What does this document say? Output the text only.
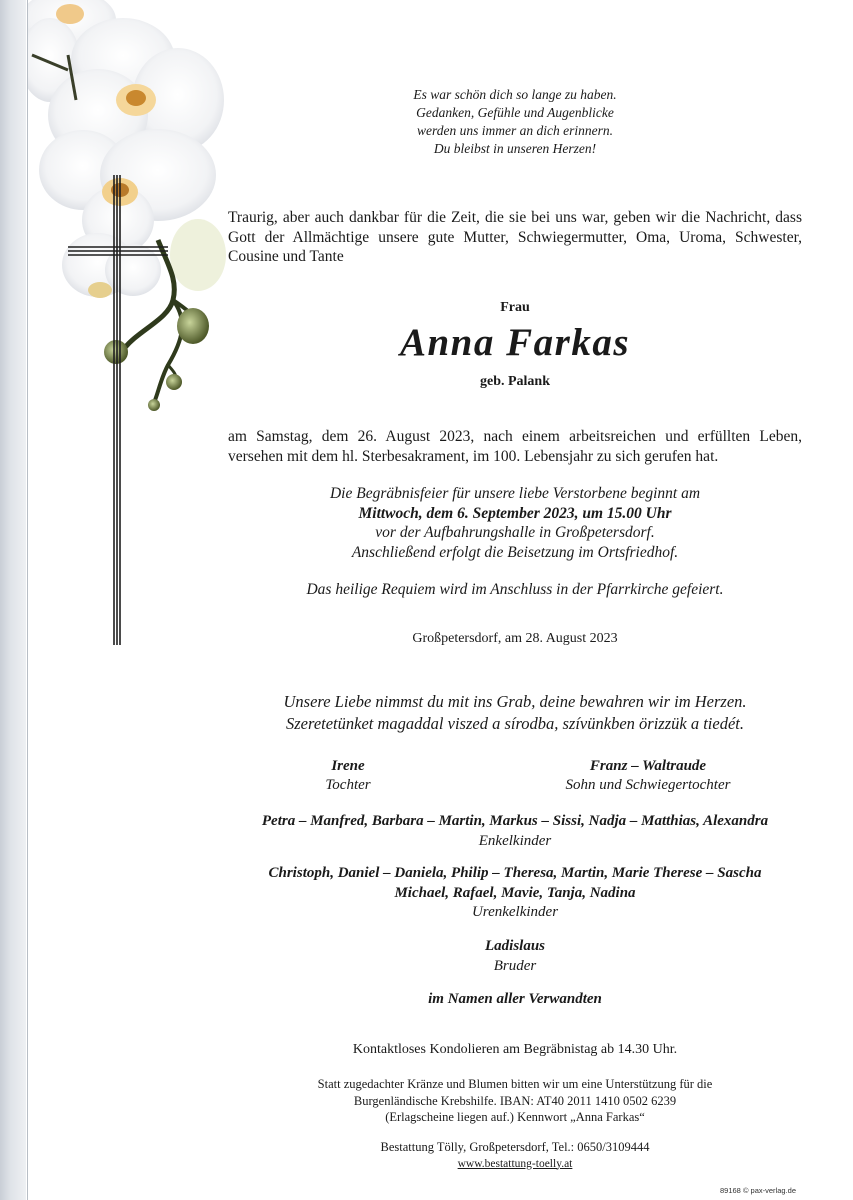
Es war schön dich so lange zu haben.
Gedanken, Gefühle und Augenblicke
werden uns immer an dich erinnern.
Du bleibst in unseren Herzen!
Traurig, aber auch dankbar für die Zeit, die sie bei uns war, geben wir die Nachricht, dass Gott der Allmächtige unsere gute Mutter, Schwiegermutter, Oma, Uroma, Schwester, Cousine und Tante
Frau
Anna Farkas
geb. Palank
am Samstag, dem 26. August 2023, nach einem arbeitsreichen und erfüllten Leben, versehen mit dem hl. Sterbesakrament, im 100. Lebensjahr zu sich gerufen hat.
Die Begräbnisfeier für unsere liebe Verstorbene beginnt am
Mittwoch, dem 6. September 2023, um 15.00 Uhr
vor der Aufbahrungshalle in Großpetersdorf.
Anschließend erfolgt die Beisetzung im Ortsfriedhof.
Das heilige Requiem wird im Anschluss in der Pfarrkirche gefeiert.
Großpetersdorf, am 28. August 2023
Unsere Liebe nimmst du mit ins Grab, deine bewahren wir im Herzen.
Szeretetünket magaddal viszed a sírodba, szívünkben örizzük a tiedét.
Irene
Tochter
Franz – Waltraude
Sohn und Schwiegertochter
Petra – Manfred, Barbara – Martin, Markus – Sissi, Nadja – Matthias, Alexandra
Enkelkinder
Christoph, Daniel – Daniela, Philip – Theresa, Martin, Marie Therese – Sascha
Michael, Rafael, Mavie, Tanja, Nadina
Urenkelkinder
Ladislaus
Bruder
im Namen aller Verwandten
Kontaktloses Kondolieren am Begräbnistag ab 14.30 Uhr.
Statt zugedachter Kränze und Blumen bitten wir um eine Unterstützung für die
Burgenländische Krebshilfe. IBAN: AT40 2011 1410 0502 6239
(Erlagscheine liegen auf.) Kennwort „Anna Farkas“
Bestattung Tölly, Großpetersdorf, Tel.: 0650/3109444
www.bestattung-toelly.at
89168 © pax-verlag.de
